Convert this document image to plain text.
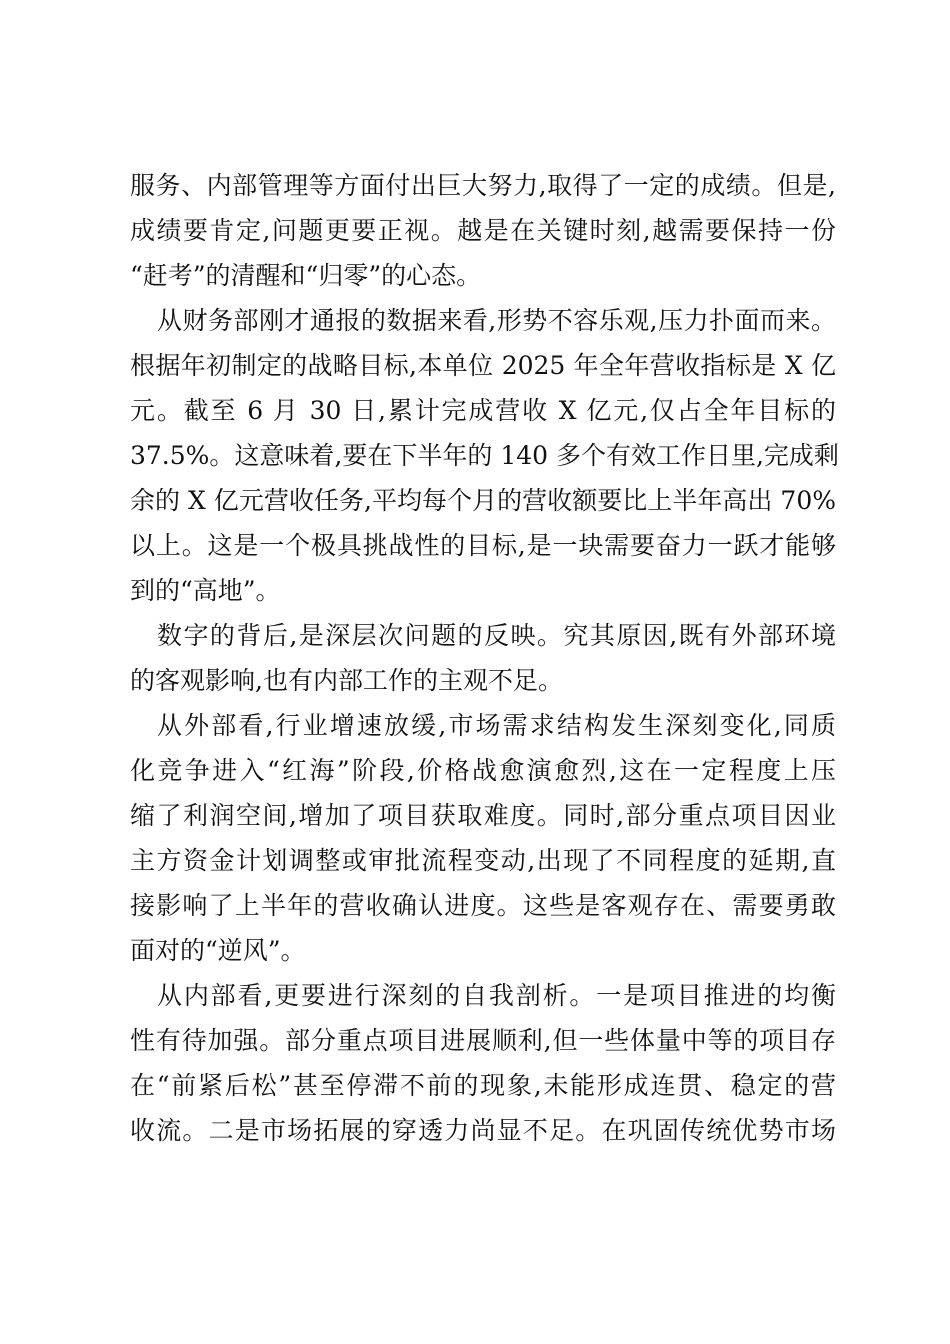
服务、内部管理等方面付出巨大努力,取得了一定的成绩。但是,
成绩要肯定,问题更要正视。越是在关键时刻,越需要保持一份
“赶考”的清醒和“归零”的心态。
从财务部刚才通报的数据来看,形势不容乐观,压力扑面而来。
根据年初制定的战略目标,本单位 2025 年全年营收指标是 X 亿
元。截至 6 月 30 日,累计完成营收 X 亿元,仅占全年目标的
37.5%。这意味着,要在下半年的 140 多个有效工作日里,完成剩
余的 X 亿元营收任务,平均每个月的营收额要比上半年高出 70%
以上。这是一个极具挑战性的目标,是一块需要奋力一跃才能够
到的“高地”。
数字的背后,是深层次问题的反映。究其原因,既有外部环境
的客观影响,也有内部工作的主观不足。
从外部看,行业增速放缓,市场需求结构发生深刻变化,同质
化竞争进入“红海”阶段,价格战愈演愈烈,这在一定程度上压
缩了利润空间,增加了项目获取难度。同时,部分重点项目因业
主方资金计划调整或审批流程变动,出现了不同程度的延期,直
接影响了上半年的营收确认进度。这些是客观存在、需要勇敢
面对的“逆风”。
从内部看,更要进行深刻的自我剖析。一是项目推进的均衡
性有待加强。部分重点项目进展顺利,但一些体量中等的项目存
在“前紧后松”甚至停滞不前的现象,未能形成连贯、稳定的营
收流。二是市场拓展的穿透力尚显不足。在巩固传统优势市场
